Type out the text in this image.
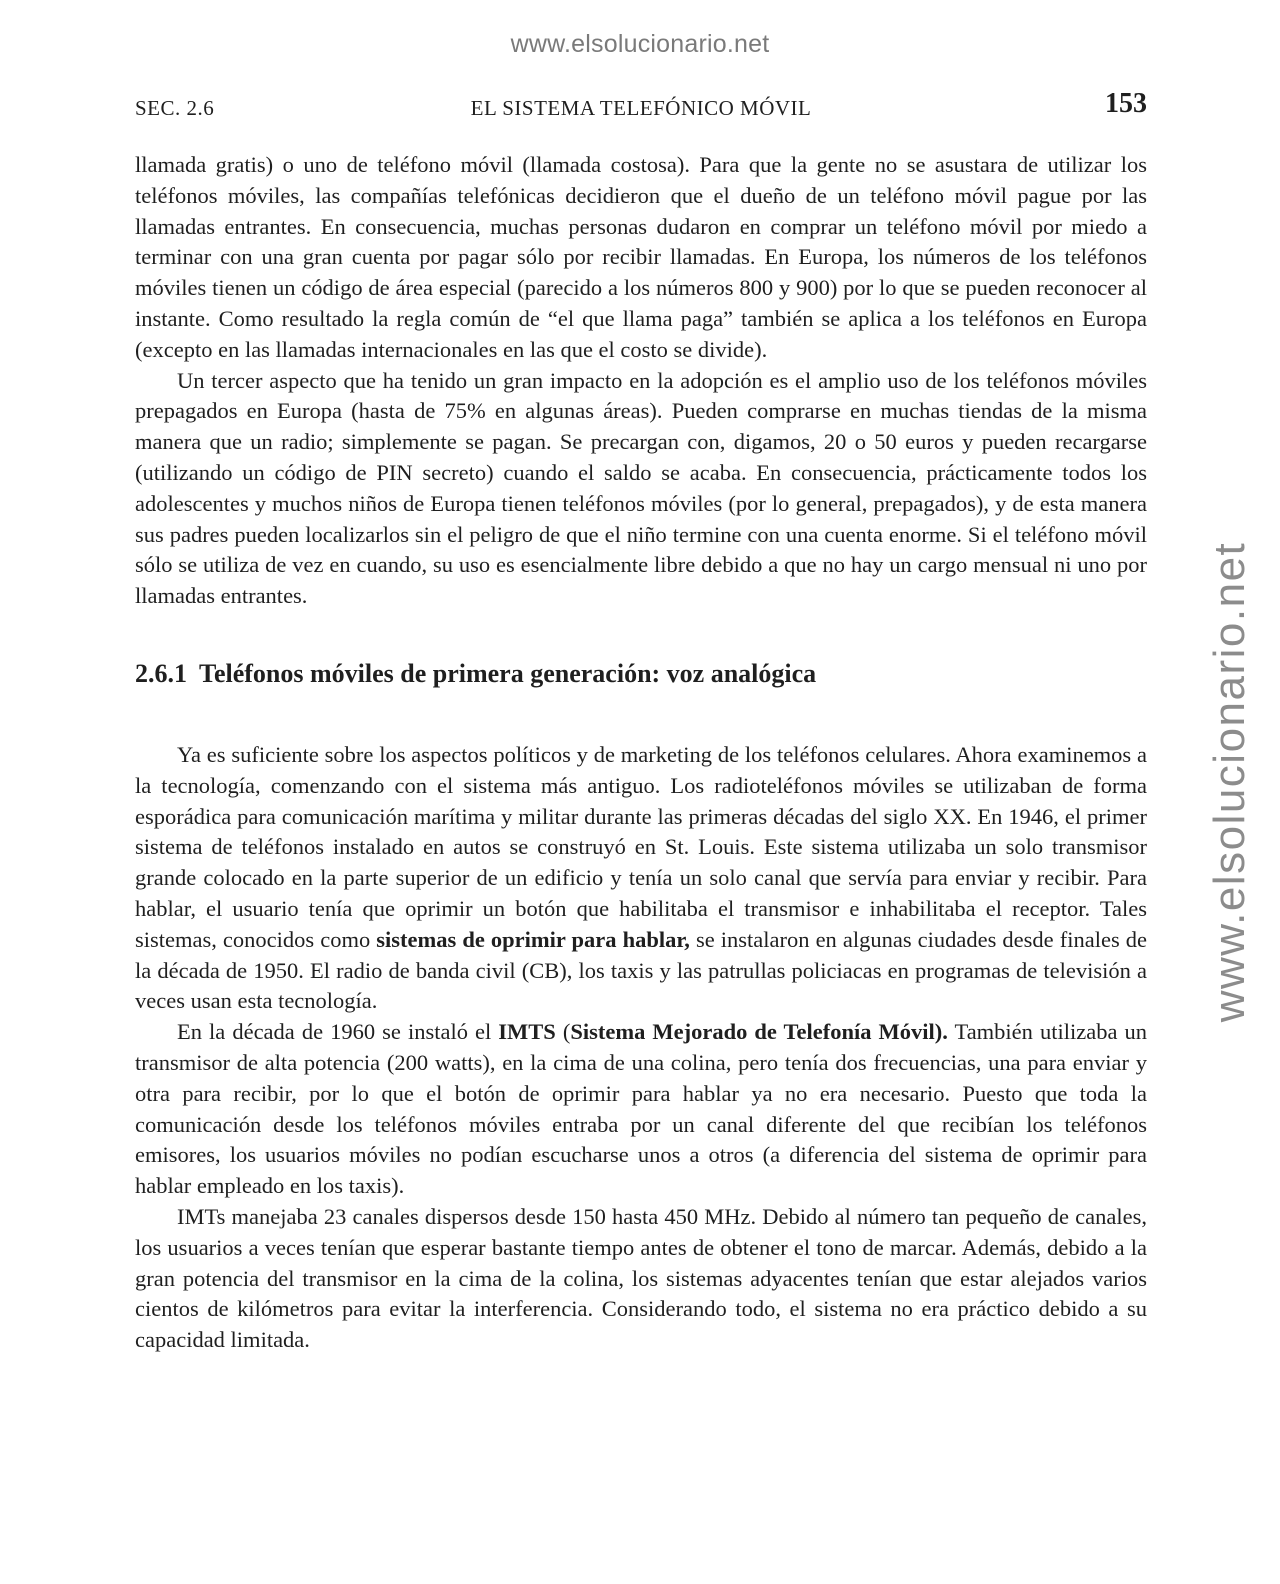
www.elsolucionario.net
www.elsolucionario.net
SEC. 2.6	EL SISTEMA TELEFÓNICO MÓVIL	153

llamada gratis) o uno de teléfono móvil (llamada costosa). Para que la gente no se asustara de utilizar los teléfonos móviles, las compañías telefónicas decidieron que el dueño de un teléfono móvil pague por las llamadas entrantes. En consecuencia, muchas personas dudaron en comprar un teléfono móvil por miedo a terminar con una gran cuenta por pagar sólo por recibir llamadas. En Europa, los números de los teléfonos móviles tienen un código de área especial (parecido a los números 800 y 900) por lo que se pueden reconocer al instante. Como resultado la regla común de “el que llama paga” también se aplica a los teléfonos en Europa (excepto en las llamadas internacionales en las que el costo se divide).

Un tercer aspecto que ha tenido un gran impacto en la adopción es el amplio uso de los teléfonos móviles prepagados en Europa (hasta de 75% en algunas áreas). Pueden comprarse en muchas tiendas de la misma manera que un radio; simplemente se pagan. Se precargan con, digamos, 20 o 50 euros y pueden recargarse (utilizando un código de PIN secreto) cuando el saldo se acaba. En consecuencia, prácticamente todos los adolescentes y muchos niños de Europa tienen teléfonos móviles (por lo general, prepagados), y de esta manera sus padres pueden localizarlos sin el peligro de que el niño termine con una cuenta enorme. Si el teléfono móvil sólo se utiliza de vez en cuando, su uso es esencialmente libre debido a que no hay un cargo mensual ni uno por llamadas entrantes.

2.6.1 Teléfonos móviles de primera generación: voz analógica

Ya es suficiente sobre los aspectos políticos y de marketing de los teléfonos celulares. Ahora examinemos a la tecnología, comenzando con el sistema más antiguo. Los radioteléfonos móviles se utilizaban de forma esporádica para comunicación marítima y militar durante las primeras décadas del siglo XX. En 1946, el primer sistema de teléfonos instalado en autos se construyó en St. Louis. Este sistema utilizaba un solo transmisor grande colocado en la parte superior de un edificio y tenía un solo canal que servía para enviar y recibir. Para hablar, el usuario tenía que oprimir un botón que habilitaba el transmisor e inhabilitaba el receptor. Tales sistemas, conocidos como sistemas de oprimir para hablar, se instalaron en algunas ciudades desde finales de la década de 1950. El radio de banda civil (CB), los taxis y las patrullas policiacas en programas de televisión a veces usan esta tecnología.

En la década de 1960 se instaló el IMTS (Sistema Mejorado de Telefonía Móvil). También utilizaba un transmisor de alta potencia (200 watts), en la cima de una colina, pero tenía dos frecuencias, una para enviar y otra para recibir, por lo que el botón de oprimir para hablar ya no era necesario. Puesto que toda la comunicación desde los teléfonos móviles entraba por un canal diferente del que recibían los teléfonos emisores, los usuarios móviles no podían escucharse unos a otros (a diferencia del sistema de oprimir para hablar empleado en los taxis).

IMTs manejaba 23 canales dispersos desde 150 hasta 450 MHz. Debido al número tan pequeño de canales, los usuarios a veces tenían que esperar bastante tiempo antes de obtener el tono de marcar. Además, debido a la gran potencia del transmisor en la cima de la colina, los sistemas adyacentes tenían que estar alejados varios cientos de kilómetros para evitar la interferencia. Considerando todo, el sistema no era práctico debido a su capacidad limitada.
